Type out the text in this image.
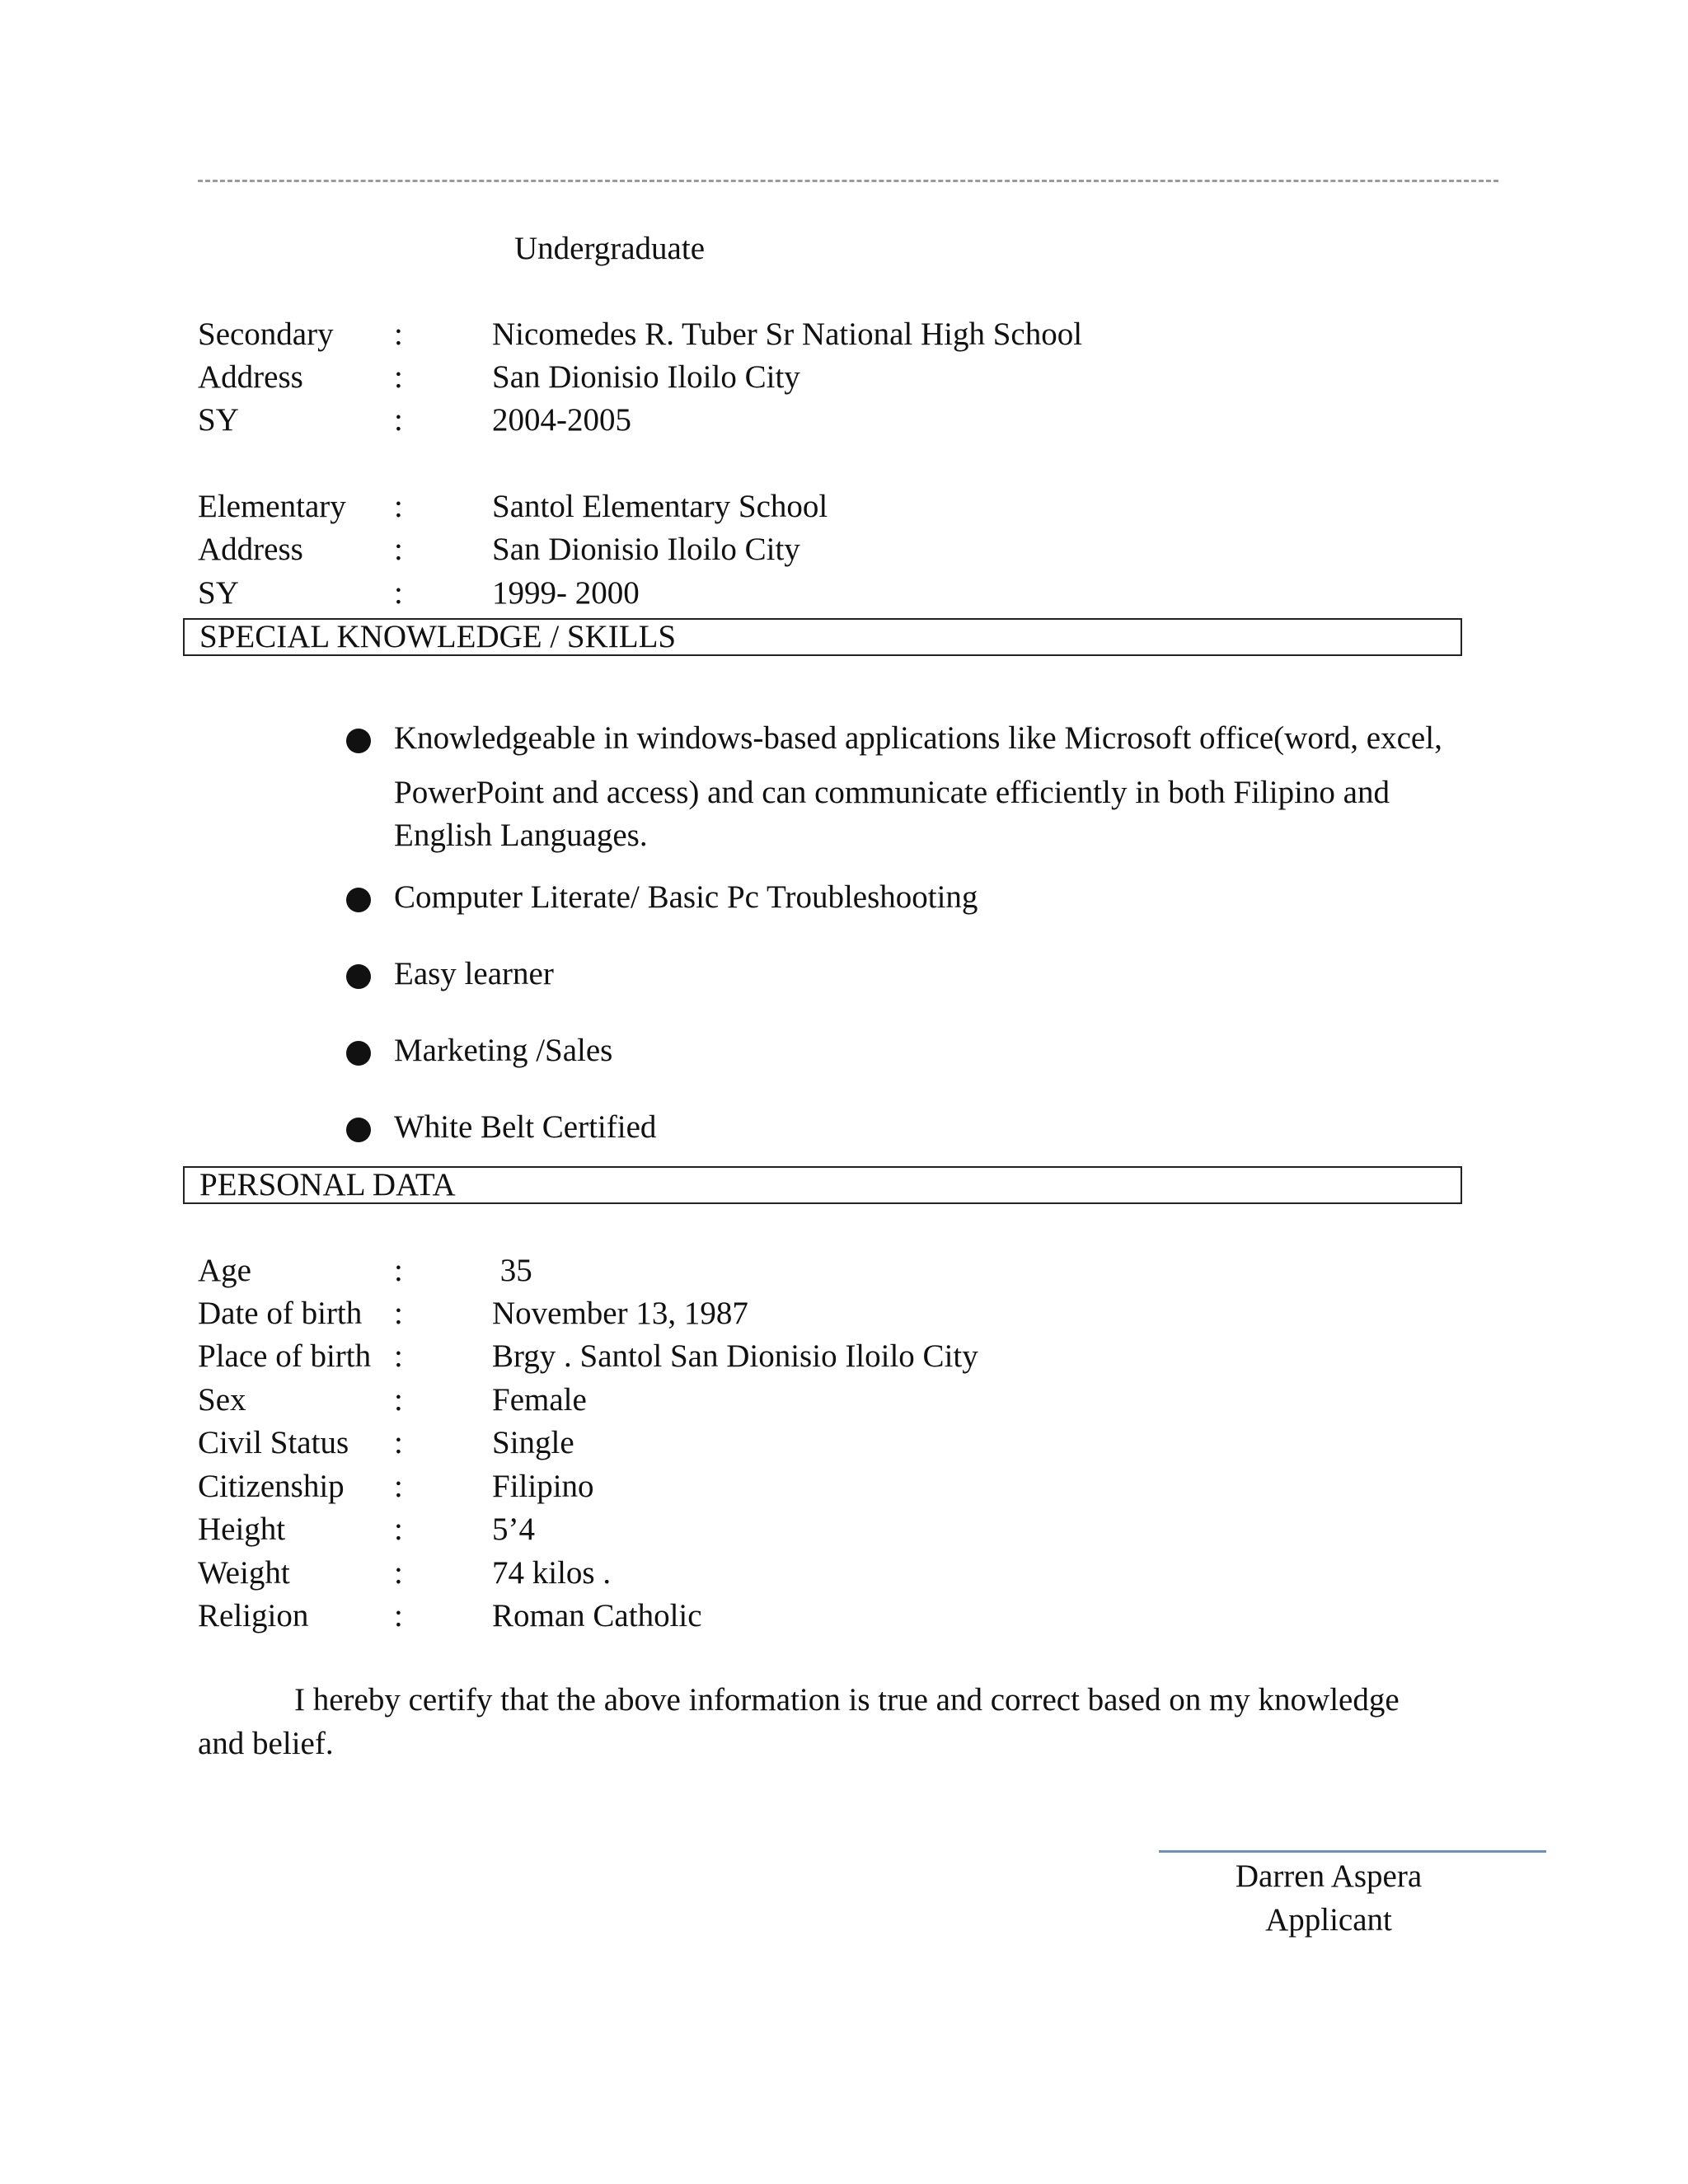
Undergraduate
Secondary :	Nicomedes R. Tuber Sr National High School
Address	:	San Dionisio Iloilo City
SY	:	2004-2005
Elementary :	Santol Elementary School
Address	:	San Dionisio Iloilo City
SY	:	1999- 2000
SPECIAL KNOWLEDGE / SKILLS
Knowledgeable in windows-based applications like Microsoft office(word, excel,
PowerPoint and access) and can communicate efficiently in both Filipino and
English Languages.
Computer Literate/ Basic Pc Troubleshooting
Easy learner
Marketing /Sales
White Belt Certified
PERSONAL DATA
Age	:	35
Date of birth :	November 13, 1987
Place of birth :	Brgy . Santol San Dionisio Iloilo City
Sex	:	Female
Civil Status :	Single
Citizenship :	Filipino
Height	:	5’4
Weight	:	74 kilos .
Religion	:	Roman Catholic
I hereby certify that the above information is true and correct based on my knowledge
and belief.
Darren Aspera
Applicant
